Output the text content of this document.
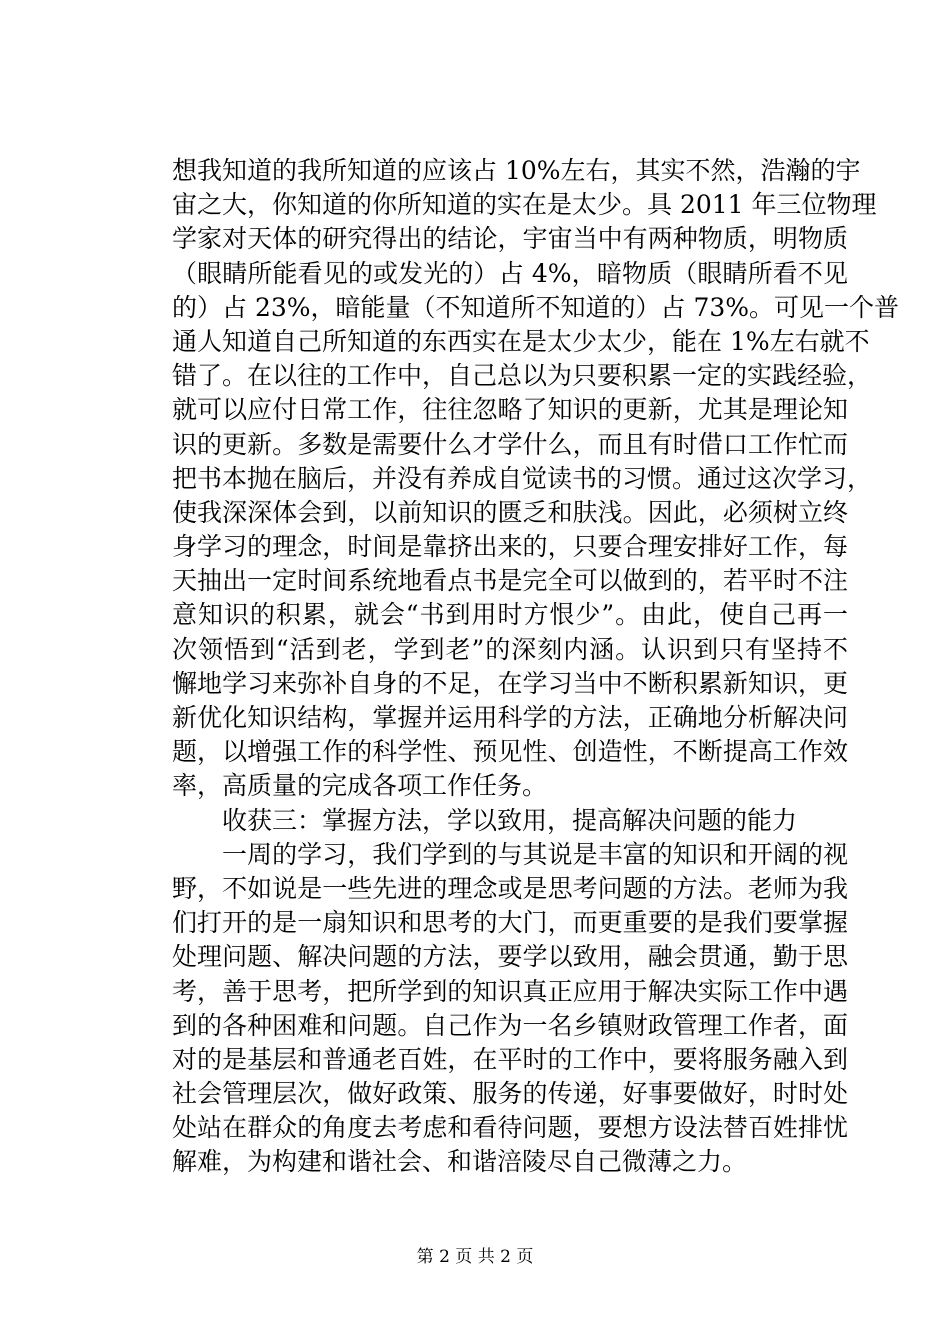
想我知道的我所知道的应该占 10%左右，其实不然，浩瀚的宇
宙之大，你知道的你所知道的实在是太少。具 2011 年三位物理
学家对天体的研究得出的结论，宇宙当中有两种物质，明物质
（眼睛所能看见的或发光的）占 4%，暗物质（眼睛所看不见
的）占 23%，暗能量（不知道所不知道的）占 73%。可见一个普
通人知道自己所知道的东西实在是太少太少，能在 1%左右就不
错了。在以往的工作中，自己总以为只要积累一定的实践经验，
就可以应付日常工作，往往忽略了知识的更新，尤其是理论知
识的更新。多数是需要什么才学什么，而且有时借口工作忙而
把书本抛在脑后，并没有养成自觉读书的习惯。通过这次学习，
使我深深体会到，以前知识的匮乏和肤浅。因此，必须树立终
身学习的理念，时间是靠挤出来的，只要合理安排好工作，每
天抽出一定时间系统地看点书是完全可以做到的，若平时不注
意知识的积累，就会“书到用时方恨少”。由此，使自己再一
次领悟到“活到老，学到老”的深刻内涵。认识到只有坚持不
懈地学习来弥补自身的不足，在学习当中不断积累新知识，更
新优化知识结构，掌握并运用科学的方法，正确地分析解决问
题，以增强工作的科学性、预见性、创造性，不断提高工作效
率，高质量的完成各项工作任务。
收获三：掌握方法，学以致用，提高解决问题的能力
一周的学习，我们学到的与其说是丰富的知识和开阔的视
野，不如说是一些先进的理念或是思考问题的方法。老师为我
们打开的是一扇知识和思考的大门，而更重要的是我们要掌握
处理问题、解决问题的方法，要学以致用，融会贯通，勤于思
考，善于思考，把所学到的知识真正应用于解决实际工作中遇
到的各种困难和问题。自己作为一名乡镇财政管理工作者，面
对的是基层和普通老百姓，在平时的工作中，要将服务融入到
社会管理层次，做好政策、服务的传递，好事要做好，时时处
处站在群众的角度去考虑和看待问题，要想方设法替百姓排忧
解难，为构建和谐社会、和谐涪陵尽自己微薄之力。
第 2 页 共 2 页
